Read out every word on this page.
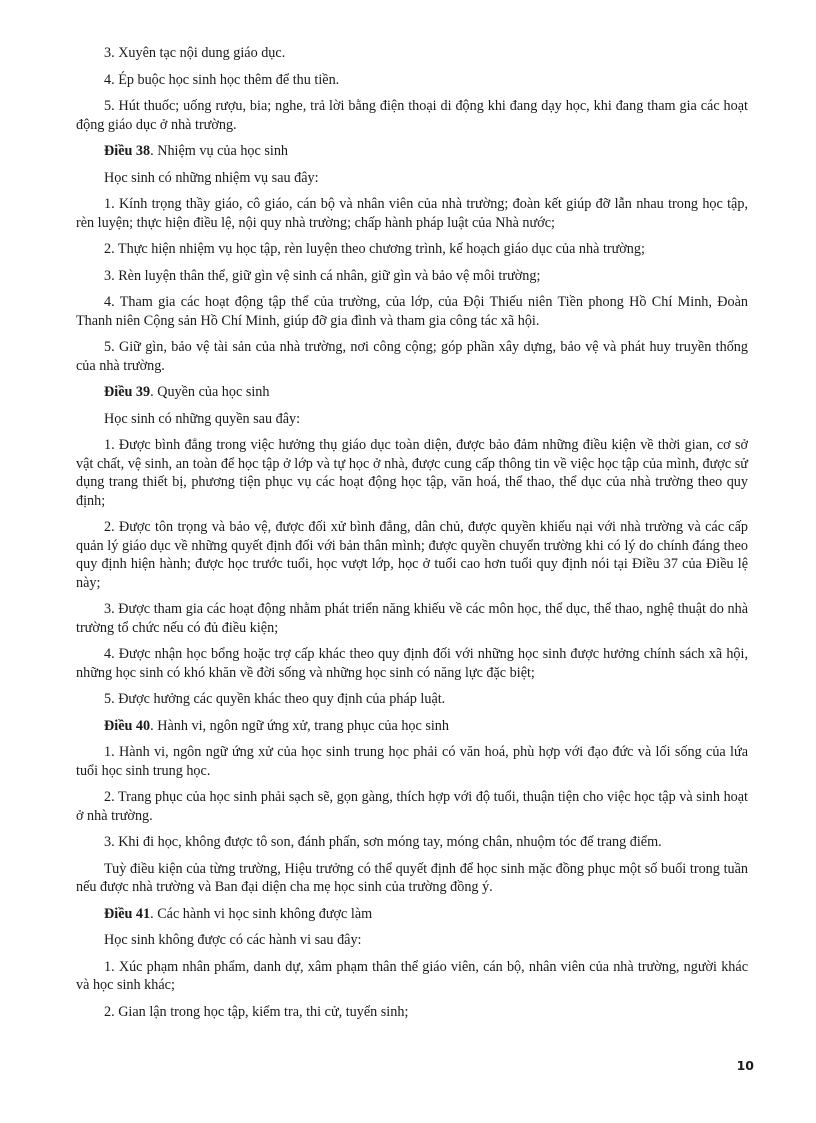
3. Xuyên tạc nội dung giáo dục.

4. Ép buộc học sinh học thêm để thu tiền.

5. Hút thuốc; uống rượu, bia; nghe, trả lời bằng điện thoại di động khi đang dạy học, khi đang tham gia các hoạt động giáo dục ở nhà trường.

Điều 38. Nhiệm vụ của học sinh

Học sinh có những nhiệm vụ sau đây:

1. Kính trọng thầy giáo, cô giáo, cán bộ và nhân viên của nhà trường; đoàn kết giúp đỡ lẫn nhau trong học tập, rèn luyện; thực hiện điều lệ, nội quy nhà trường; chấp hành pháp luật của Nhà nước;

2. Thực hiện nhiệm vụ học tập, rèn luyện theo chương trình, kế hoạch giáo dục của nhà trường;

3. Rèn luyện thân thể, giữ gìn vệ sinh cá nhân, giữ gìn và bảo vệ môi trường;

4. Tham gia các hoạt động tập thể của trường, của lớp, của Đội Thiếu niên Tiền phong Hồ Chí Minh, Đoàn Thanh niên Cộng sản Hồ Chí Minh, giúp đỡ gia đình và tham gia công tác xã hội.

5. Giữ gìn, bảo vệ tài sản của nhà trường, nơi công cộng; góp phần xây dựng, bảo vệ và phát huy truyền thống của nhà trường.

Điều 39. Quyền của học sinh

Học sinh có những quyền sau đây:

1. Được bình đẳng trong việc hưởng thụ giáo dục toàn diện, được bảo đảm những điều kiện về thời gian, cơ sở vật chất, vệ sinh, an toàn để học tập ở lớp và tự học ở nhà, được cung cấp thông tin về việc học tập của mình, được sử dụng trang thiết bị, phương tiện phục vụ các hoạt động học tập, văn hoá, thể thao, thể dục của nhà trường theo quy định;

2. Được tôn trọng và bảo vệ, được đối xử bình đẳng, dân chủ, được quyền khiếu nại với nhà trường và các cấp quản lý giáo dục về những quyết định đối với bản thân mình; được quyền chuyển trường khi có lý do chính đáng theo quy định hiện hành; được học trước tuổi, học vượt lớp, học ở tuổi cao hơn tuổi quy định nói tại Điều 37 của Điều lệ này;

3. Được tham gia các hoạt động nhằm phát triển năng khiếu về các môn học, thể dục, thể thao, nghệ thuật do nhà trường tổ chức nếu có đủ điều kiện;

4. Được nhận học bổng hoặc trợ cấp khác theo quy định đối với những học sinh được hưởng chính sách xã hội, những học sinh có khó khăn về đời sống và những học sinh có năng lực đặc biệt;

5. Được hưởng các quyền khác theo quy định của pháp luật.

Điều 40. Hành vi, ngôn ngữ ứng xử, trang phục của học sinh

1. Hành vi, ngôn ngữ ứng xử của học sinh trung học phải có văn hoá, phù hợp với đạo đức và lối sống của lứa tuổi học sinh trung học.

2. Trang phục của học sinh phải sạch sẽ, gọn gàng, thích hợp với độ tuổi, thuận tiện cho việc học tập và sinh hoạt ở nhà trường.

3. Khi đi học, không được tô son, đánh phấn, sơn móng tay, móng chân, nhuộm tóc để trang điểm.

Tuỳ điều kiện của từng trường, Hiệu trưởng có thể quyết định để học sinh mặc đồng phục một số buổi trong tuần nếu được nhà trường và Ban đại diện cha mẹ học sinh của trường đồng ý.

Điều 41. Các hành vi học sinh không được làm

Học sinh không được có các hành vi sau đây:

1. Xúc phạm nhân phẩm, danh dự, xâm phạm thân thể giáo viên, cán bộ, nhân viên của nhà trường, người khác và học sinh khác;

2. Gian lận trong học tập, kiểm tra, thi cử, tuyển sinh;

10
